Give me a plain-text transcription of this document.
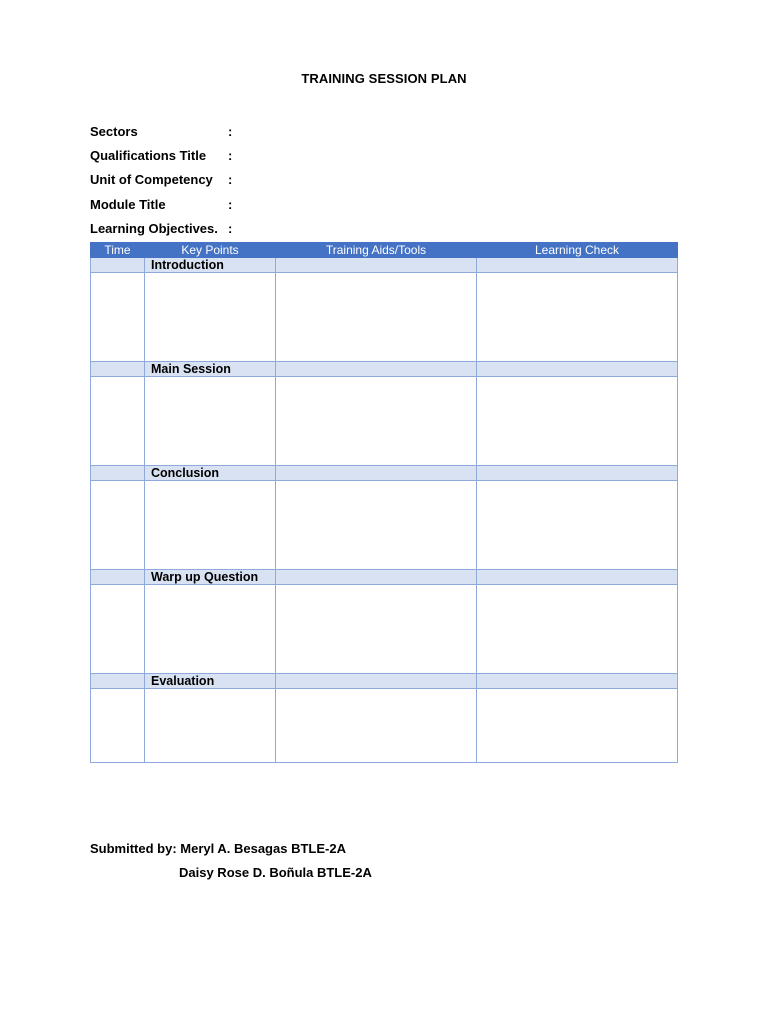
TRAINING SESSION PLAN
Sectors	:
Qualifications Title	:
Unit of Competency	:
Module Title	:
Learning Objectives. :
Time	Key Points	Training Aids/Tools	Learning Check
	Introduction		

	Main Session		

	Conclusion		

	Warp up Question		

	Evaluation		

Submitted by: Meryl A. Besagas BTLE-2A
Daisy Rose D. Boñula BTLE-2A
